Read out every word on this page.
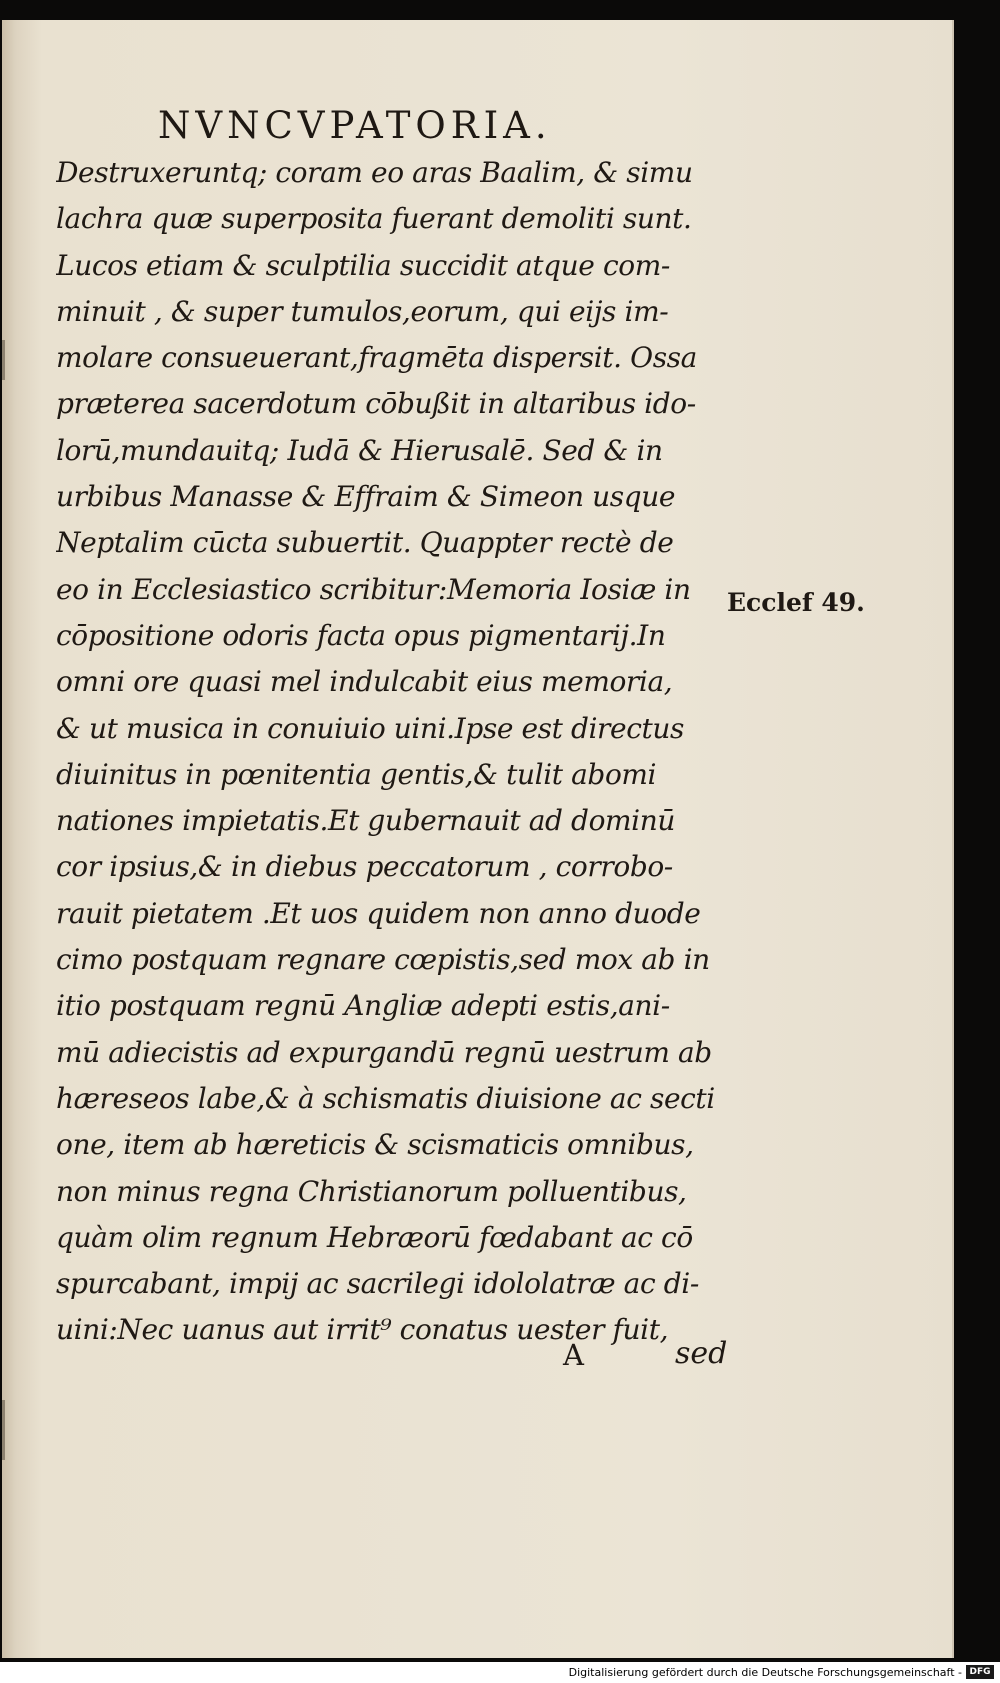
NVNCVPATORIA.
Destruxeruntq; coram eo aras Baalim, & simu
lachra quæ superposita fuerant demoliti sunt.
Lucos etiam & sculptilia succidit atque com-
minuit , & super tumulos,eorum, qui eijs im-
molare consueuerant,fragmēta dispersit. Ossa
præterea sacerdotum cōbußit in altaribus ido-
lorū,mundauitq; Iudā & Hierusalē. Sed & in
urbibus Manasse & Effraim & Simeon usque
Neptalim cūcta subuertit. Quappter rectè de
eo in Ecclesiastico scribitur:Memoria Iosiæ in
cōpositione odoris facta opus pigmentarij.In
omni ore quasi mel indulcabit eius memoria,
& ut musica in conuiuio uini.Ipse est directus
diuinitus in pœnitentia gentis,& tulit abomi
nationes impietatis.Et gubernauit ad dominū
cor ipsius,& in diebus peccatorum , corrobo-
rauit pietatem .Et uos quidem non anno duode
cimo postquam regnare cœpistis,sed mox ab in
itio postquam regnū Angliæ adepti estis,ani-
mū adiecistis ad expurgandū regnū uestrum ab
hæreseos labe,& à schismatis diuisione ac secti
one, item ab hæreticis & scismaticis omnibus,
non minus regna Christianorum polluentibus,
quàm olim regnum Hebræorū fœdabant ac cō
spurcabant, impij ac sacrilegi idololatræ ac di-
uini:Nec uanus aut irrit⁹ conatus uester fuit,
Ecclef 49.
A	sed
Digitalisierung gefördert durch die Deutsche Forschungsgemeinschaft - DFG
